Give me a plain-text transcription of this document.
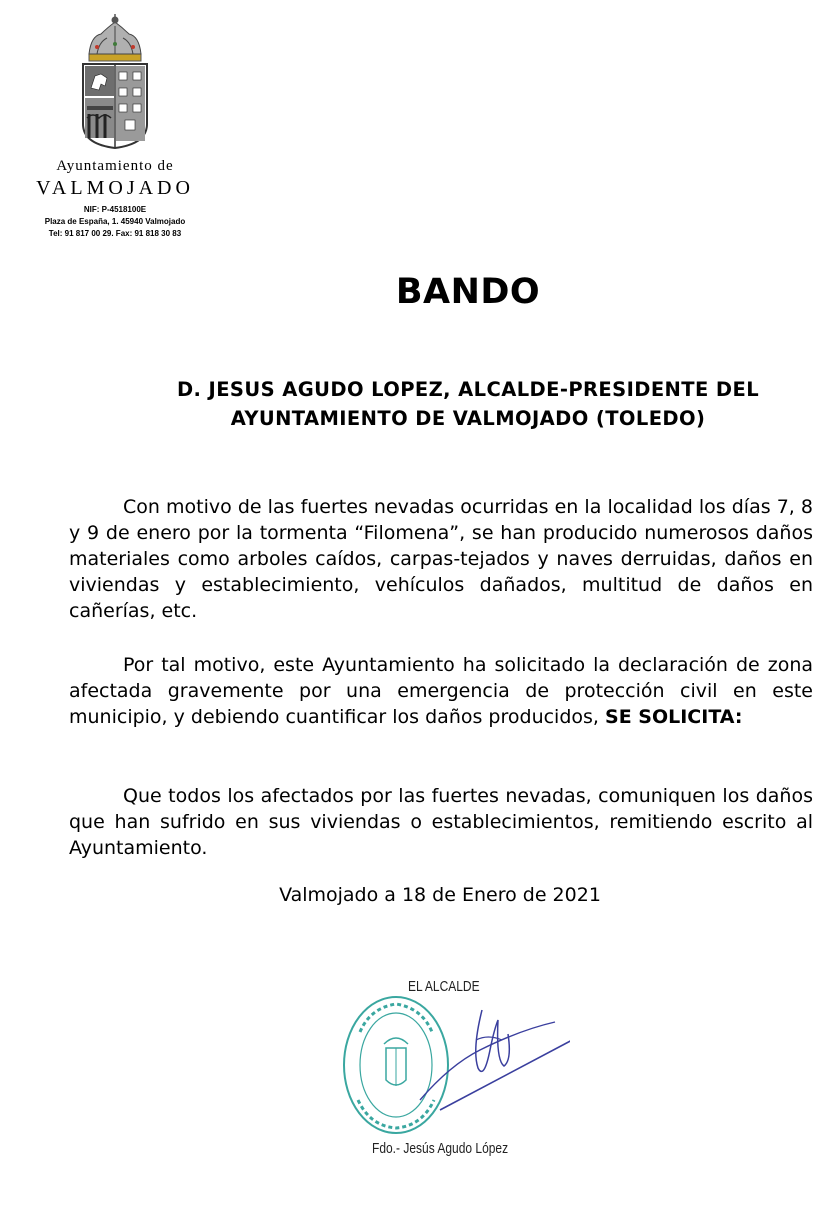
Ayuntamiento de
VALMOJADO
NIF: P-4518100E
Plaza de España, 1. 45940 Valmojado
Tel: 91 817 00 29. Fax: 91 818 30 83
BANDO
D. JESUS AGUDO LOPEZ, ALCALDE-PRESIDENTE DEL AYUNTAMIENTO DE VALMOJADO (TOLEDO)

Con motivo de las fuertes nevadas ocurridas en la localidad los días 7, 8 y 9 de enero por la tormenta “Filomena”, se han producido numerosos daños materiales como arboles caídos, carpas-tejados y naves derruidas, daños en viviendas y establecimiento, vehículos dañados, multitud de daños en cañerías, etc.

Por tal motivo, este Ayuntamiento ha solicitado la declaración de zona afectada gravemente por una emergencia de protección civil en este municipio, y debiendo cuantificar los daños producidos, SE SOLICITA:

Que todos los afectados por las fuertes nevadas, comuniquen los daños que han sufrido en sus viviendas o establecimientos, remitiendo escrito al Ayuntamiento.

Valmojado a 18 de Enero de 2021
EL ALCALDE
Fdo.- Jesús Agudo López
